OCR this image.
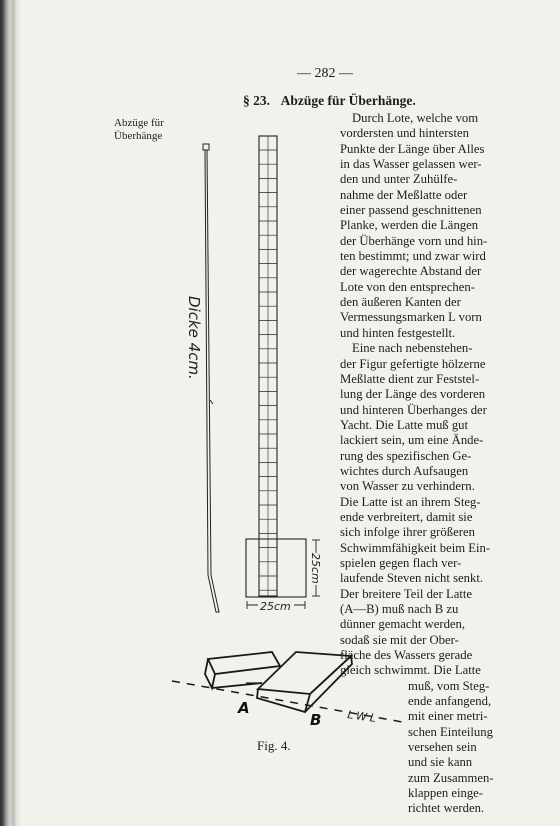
— 282 —
§ 23. Abzüge für Überhänge.
Abzüge für
Überhänge
Durch Lote, welche vom
vordersten und hintersten
Punkte der Länge über Alles
in das Wasser gelassen wer-
den und unter Zuhülfe-
nahme der Meßlatte oder
einer passend geschnittenen
Planke, werden die Längen
der Überhänge vorn und hin-
ten bestimmt; und zwar wird
der wagerechte Abstand der
Lote von den entsprechen-
den äußeren Kanten der
Vermessungsmarken L vorn
und hinten festgestellt.
Eine nach nebenstehen-
der Figur gefertigte hölzerne
Meßlatte dient zur Feststel-
lung der Länge des vorderen
und hinteren Überhanges der
Yacht. Die Latte muß gut
lackiert sein, um eine Ände-
rung des spezifischen Ge-
wichtes durch Aufsaugen
von Wasser zu verhindern.
Die Latte ist an ihrem Steg-
ende verbreitert, damit sie
sich infolge ihrer größeren
Schwimmfähigkeit beim Ein-
spielen gegen flach ver-
laufende Steven nicht senkt.
Der breitere Teil der Latte
(A—B) muß nach B zu
dünner gemacht werden,
sodaß sie mit der Ober-
fläche des Wassers gerade
gleich schwimmt. Die Latte
muß, vom Steg-
ende anfangend,
mit einer metri-
schen Einteilung
versehen sein
und sie kann
zum Zusammen-
klappen einge-
richtet werden.
Dicke 4cm.
25cm
25cm
A
B LWL
Fig. 4.
